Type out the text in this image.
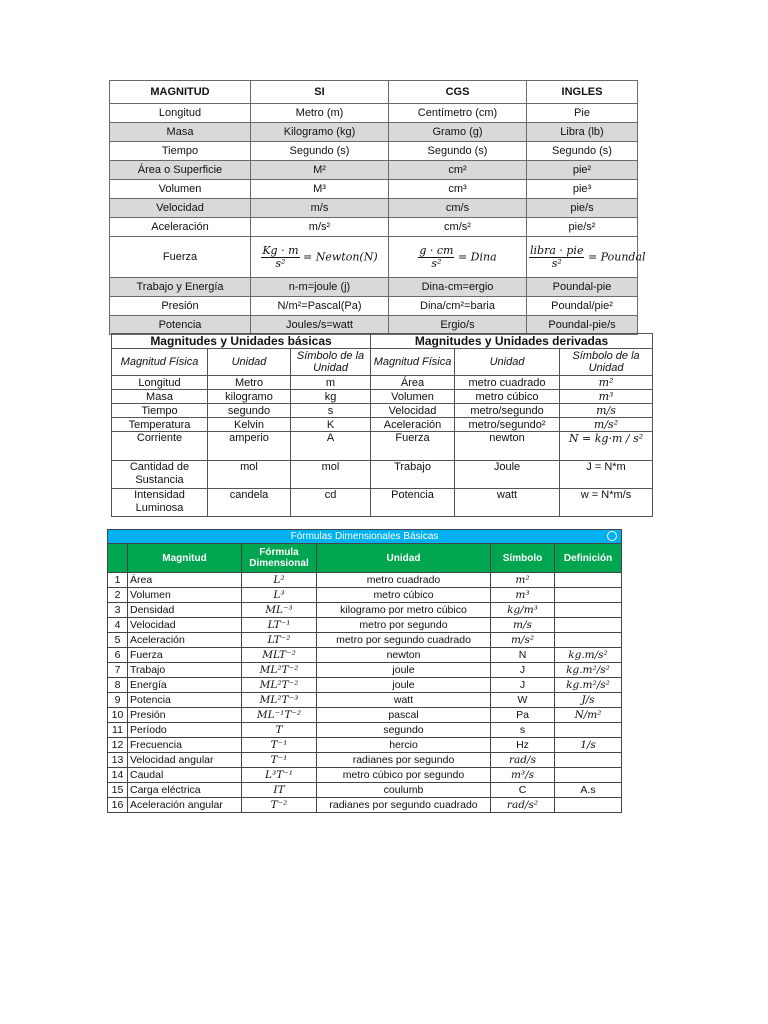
MAGNITUD	SI	CGS	INGLES
Longitud	Metro (m)	Centímetro (cm)	Pie
Masa	Kilogramo (kg)	Gramo (g)	Libra (lb)
Tiempo	Segundo (s)	Segundo (s)	Segundo (s)
Área o Superficie	M²	cm²	pie²
Volumen	M³	cm³	pie³
Velocidad	m/s	cm/s	pie/s
Aceleración	m/s²	cm/s²	pie/s²
Fuerza	$\frac{Kg \cdot m}{\text{s²}}$ = Newton(N)	$\frac{g \cdot cm}{\text{s²}}$ = Dina	$\frac{\text{libra · pie}}{\text{s²}}$ = Poundal
Trabajo y Energía	n-m=joule (j)	Dina-cm=ergio	Poundal-pie
Presión	N/m²=Pascal(Pa)	Dina/cm²=baria	Poundal/pie²
Potencia	Joules/s=watt	Ergio/s	Poundal-pie/s
Magnitudes y Unidades básicas			Magnitudes y Unidades derivadas		
Magnitud Física	Unidad	Símbolo de la Unidad	Magnitud Física	Unidad	Símbolo de la Unidad
Longitud	Metro	m	Área	metro cuadrado	m²
Masa	kilogramo	kg	Volumen	metro cúbico	m³
Tiempo	segundo	s	Velocidad	metro/segundo	m/s
Temperatura	Kelvin	K	Aceleración	metro/segundo²	m/s²
Corriente	amperio	A	Fuerza	newton	N = kg·m / s²
Cantidad de Sustancia	mol	mol	Trabajo	Joule	J = N*m
Intensidad Luminosa	candela	cd	Potencia	watt	w = N*m/s
Fórmulas Dimensionales Básicas					

	Magnitud	Fórmula Dimensional	Unidad	Símbolo	Definición
1	Área	L²	metro cuadrado	m²	
2	Volumen	L³	metro cúbico	m³	
3	Densidad	ML⁻³	kilogramo por metro cúbico	kg/m³	
4	Velocidad	LT⁻¹	metro por segundo	m/s	
5	Aceleración	LT⁻²	metro por segundo cuadrado	m/s²	
6	Fuerza	MLT⁻²	newton	N	kg.m/s²
7	Trabajo	ML²T⁻²	joule	J	kg.m²/s²
8	Energía	ML²T⁻²	joule	J	kg.m²/s²
9	Potencia	ML²T⁻³	watt	W	J/s
10	Presión	ML⁻¹T⁻²	pascal	Pa	N/m²
11	Período	T	segundo	s	
12	Frecuencia	T⁻¹	hercio	Hz	1/s
13	Velocidad angular	T⁻¹	radianes por segundo	rad/s	
14	Caudal	L³T⁻¹	metro cúbico por segundo	m³/s	
15	Carga eléctrica	IT	coulumb	C	A.s
16	Aceleración angular	T⁻²	radianes por segundo cuadrado	rad/s²	
